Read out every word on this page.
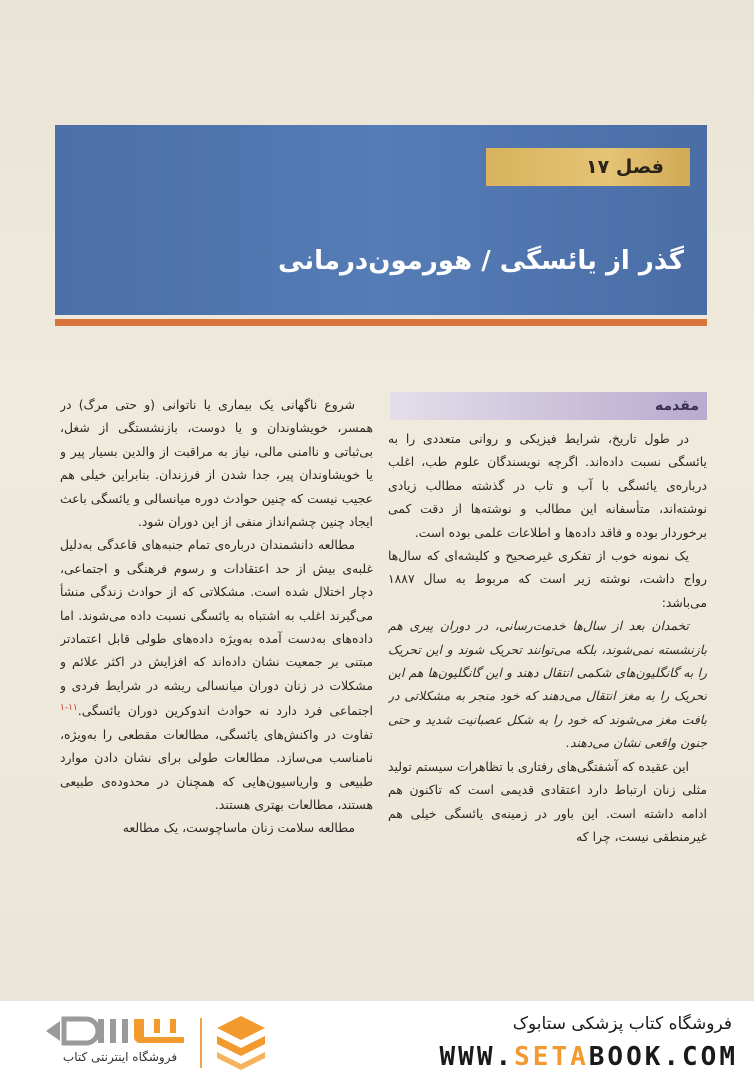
فصل ۱۷
گذر از یائسگی / هورمون‌درمانی
مقدمه

در طول تاریخ، شرایط فیزیکی و روانی متعددی را به یائسگی نسبت داده‌اند. اگرچه نویسندگان علوم طب، اغلب درباره‌ی یائسگی با آب و تاب در گذشته مطالب زیادی نوشته‌اند، متأسفانه این مطالب و نوشته‌ها از دقت کمی برخوردار بوده و فاقد داده‌ها و اطلاعات علمی بوده است.

یک نمونه خوب از تفکری غیرصحیح و کلیشه‌ای که سال‌ها رواج داشت، نوشته زیر است که مربوط به سال ۱۸۸۷ می‌باشد:

تخمدان بعد از سال‌ها خدمت‌رسانی، در دوران پیری هم بازنشسته نمی‌شوند، بلکه می‌توانند تحریک شوند و این تحریک را به گانگلیون‌های شکمی انتقال دهند و این گانگلیون‌ها هم این تحریک را به مغز انتقال می‌دهند که خود منجر به مشکلاتی در بافت مغز می‌شوند که خود را به شکل عصبانیت شدید و حتی جنون واقعی نشان می‌دهند.

این عقیده که آشفتگی‌های رفتاری با تظاهرات سیستم تولید مثلی زنان ارتباط دارد اعتقادی قدیمی است که تاکنون هم ادامه داشته است. این باور در زمینه‌ی یائسگی خیلی هم غیرمنطقی نیست، چرا که

شروع ناگهانی یک بیماری یا ناتوانی (و حتی مرگ) در همسر، خویشاوندان و یا دوست، بازنشستگی از شغل، بی‌ثباتی و ناامنی مالی، نیاز به مراقبت از والدین بسیار پیر و یا خویشاوندان پیر، جدا شدن از فرزندان. بنابراین خیلی هم عجیب نیست که چنین حوادث دوره میانسالی و یائسگی باعث ایجاد چنین چشم‌انداز منفی از این دوران شود.

مطالعه دانشمندان درباره‌ی تمام جنبه‌های قاعدگی به‌دلیل غلبه‌ی بیش از حد اعتقادات و رسوم فرهنگی و اجتماعی، دچار اختلال شده است. مشکلاتی که از حوادث زندگی منشأ می‌گیرند اغلب به اشتباه به یائسگی نسبت داده می‌شوند. اما داده‌های به‌دست آمده به‌ویژه داده‌های طولی قابل اعتمادتر مبتنی بر جمعیت نشان داده‌اند که افزایش در اکثر علائم و مشکلات در زنان دوران میانسالی ریشه در شرایط فردی و اجتماعی فرد دارد نه حوادث اندوکرین دوران یائسگی.$^{۱۱-۱}$ تفاوت در واکنش‌های یائسگی، مطالعات مقطعی را به‌ویژه، نامناسب می‌سازد. مطالعات طولی برای نشان دادن موارد طبیعی و واریاسیون‌هایی که همچنان در محدوده‌ی طبیعی هستند، مطالعات بهتری هستند.

مطالعه سلامت زنان ماساچوست، یک مطالعه

فروشگاه اینترنتی کتاب
فروشگاه کتاب پزشکی ستابوک
WWW.SETABOOK.COM
